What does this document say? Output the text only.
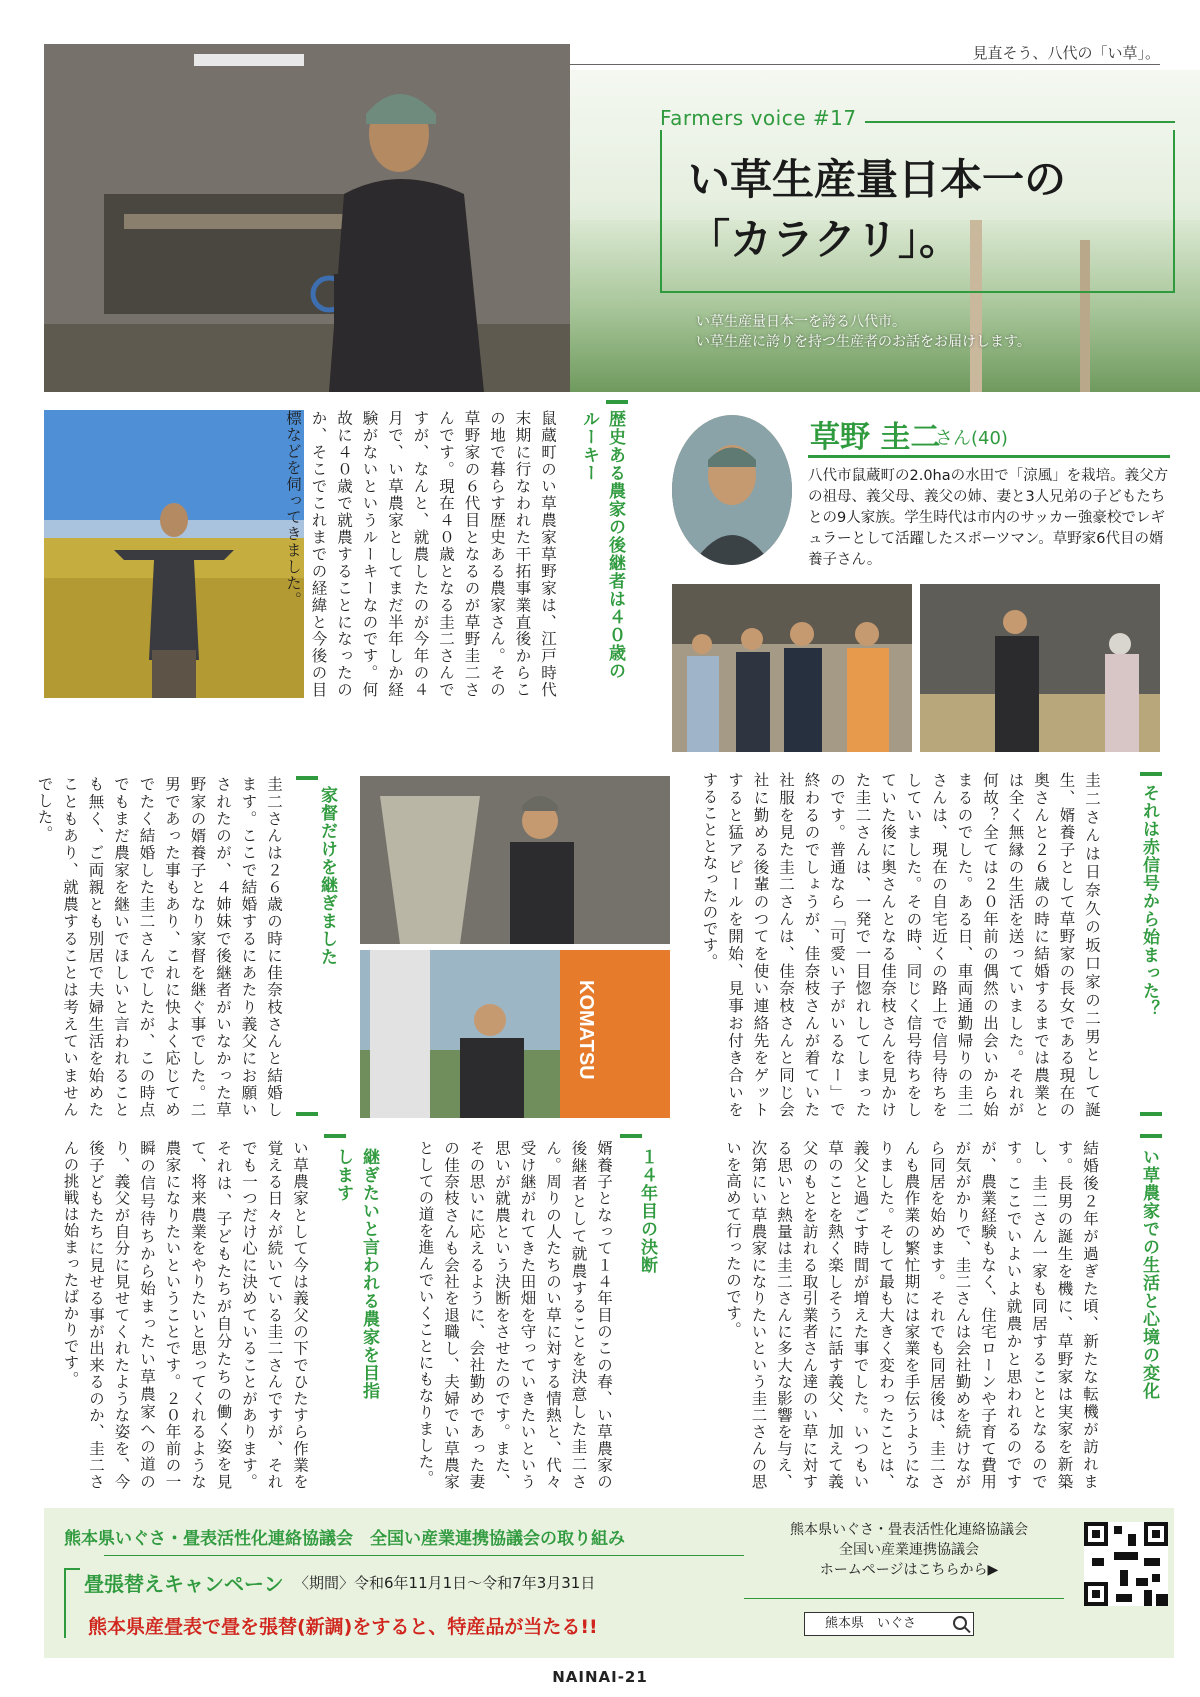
見直そう、八代の「い草」。
Farmers voice #17
い草生産量日本一の
「カラクリ」。
い草生産量日本一を誇る八代市。
い草生産に誇りを持つ生産者のお話をお届けします。
歴史ある農家の後継者は４０歳のルーキー
鼠蔵町のい草農家草野家は、江戸時代末期に行なわれた干拓事業直後からこの地で暮らす歴史ある農家さん。その草野家の６代目となるのが草野圭二さんです。現在４０歳となる圭二さんですが、なんと、就農したのが今年の４月で、い草農家としてまだ半年しか経験がないというルーキーなのです。何故に４０歳で就農することになったのか、そこでこれまでの経緯と今後の目標などを伺ってきました。	草野 圭二
さん(40)
八代市鼠蔵町の2.0haの水田で「涼風」を栽培。義父方の祖母、義父母、義父の姉、妻と3人兄弟の子どもたちとの9人家族。学生時代は市内のサッカー強豪校でレギュラーとして活躍したスポーツマン。草野家6代目の婿養子さん。
それは赤信号から始まった？
圭二さんは日奈久の坂口家の二男として誕生、婿養子として草野家の長女である現在の奥さんと２６歳の時に結婚するまでは農業とは全く無縁の生活を送っていました。それが何故？全ては２０年前の偶然の出会いから始まるのでした。ある日、車両通勤帰りの圭二さんは、現在の自宅近くの路上で信号待ちをしていました。その時、同じく信号待ちをしていた後に奥さんとなる佳奈枝さんを見かけた圭二さんは、一発で一目惚れしてしまったのです。普通なら「可愛い子がいるなー」で終わるのでしょうが、佳奈枝さんが着ていた社服を見た圭二さんは、佳奈枝さんと同じ会社に勤める後輩のつてを使い連絡先をゲットすると猛アピールを開始、見事お付き合いをすることとなったのです。
KOMATSU
家督だけを継ぎました
圭二さんは２６歳の時に佳奈枝さんと結婚します。ここで結婚するにあたり義父にお願いされたのが、４姉妹で後継者がいなかった草野家の婿養子となり家督を継ぐ事でした。二男であった事もあり、これに快よく応じてめでたく結婚した圭二さんでしたが、この時点でもまだ農家を継いでほしいと言われることも無く、ご両親とも別居で夫婦生活を始めたこともあり、就農することは考えていませんでした。
い草農家での生活と心境の変化
結婚後２年が過ぎた頃、新たな転機が訪れます。長男の誕生を機に、草野家は実家を新築し、圭二さん一家も同居することとなるのです。ここでいよいよ就農かと思われるのですが、農業経験もなく、住宅ローンや子育て費用が気がかりで、圭二さんは会社勤めを続けながら同居を始めます。それでも同居後は、圭二さんも農作業の繁忙期には家業を手伝うようになりました。そして最も大きく変わったことは、義父と過ごす時間が増えた事でした。いつもい草のことを熱く楽しそうに話す義父、加えて義父のもとを訪れる取引業者さん達のい草に対する思いと熱量は圭二さんに多大な影響を与え、次第にい草農家になりたいという圭二さんの思いを高めて行ったのです。
１４年目の決断
婿養子となって１４年目のこの春、い草農家の後継者として就農することを決意した圭二さん。周りの人たちのい草に対する情熱と、代々受け継がれてきた田畑を守っていきたいという思いが就農という決断をさせたのです。また、その思いに応えるように、会社勤めであった妻の佳奈枝さんも会社を退職し、夫婦でい草農家としての道を進んでいくことにもなりました。
継ぎたいと言われる農家を目指します
い草農家として今は義父の下でひたすら作業を覚える日々が続いている圭二さんですが、それでも一つだけ心に決めていることがあります。それは、子どもたちが自分たちの働く姿を見て、将来農業をやりたいと思ってくれるような農家になりたいということです。２０年前の一瞬の信号待ちから始まったい草農家への道のり、義父が自分に見せてくれたような姿を、今後子どもたちに見せる事が出来るのか、圭二さんの挑戦は始まったばかりです。
熊本県いぐさ・畳表活性化連絡協議会　全国い産業連携協議会の取り組み
畳張替えキャンペーン 〈期間〉令和6年11月1日～令和7年3月31日
熊本県産畳表で畳を張替(新調)をすると、特産品が当たる!!
熊本県いぐさ・畳表活性化連絡協議会
全国い産業連携協議会
ホームページはこちらから▶
熊本県　いぐさ
NAINAI-21
